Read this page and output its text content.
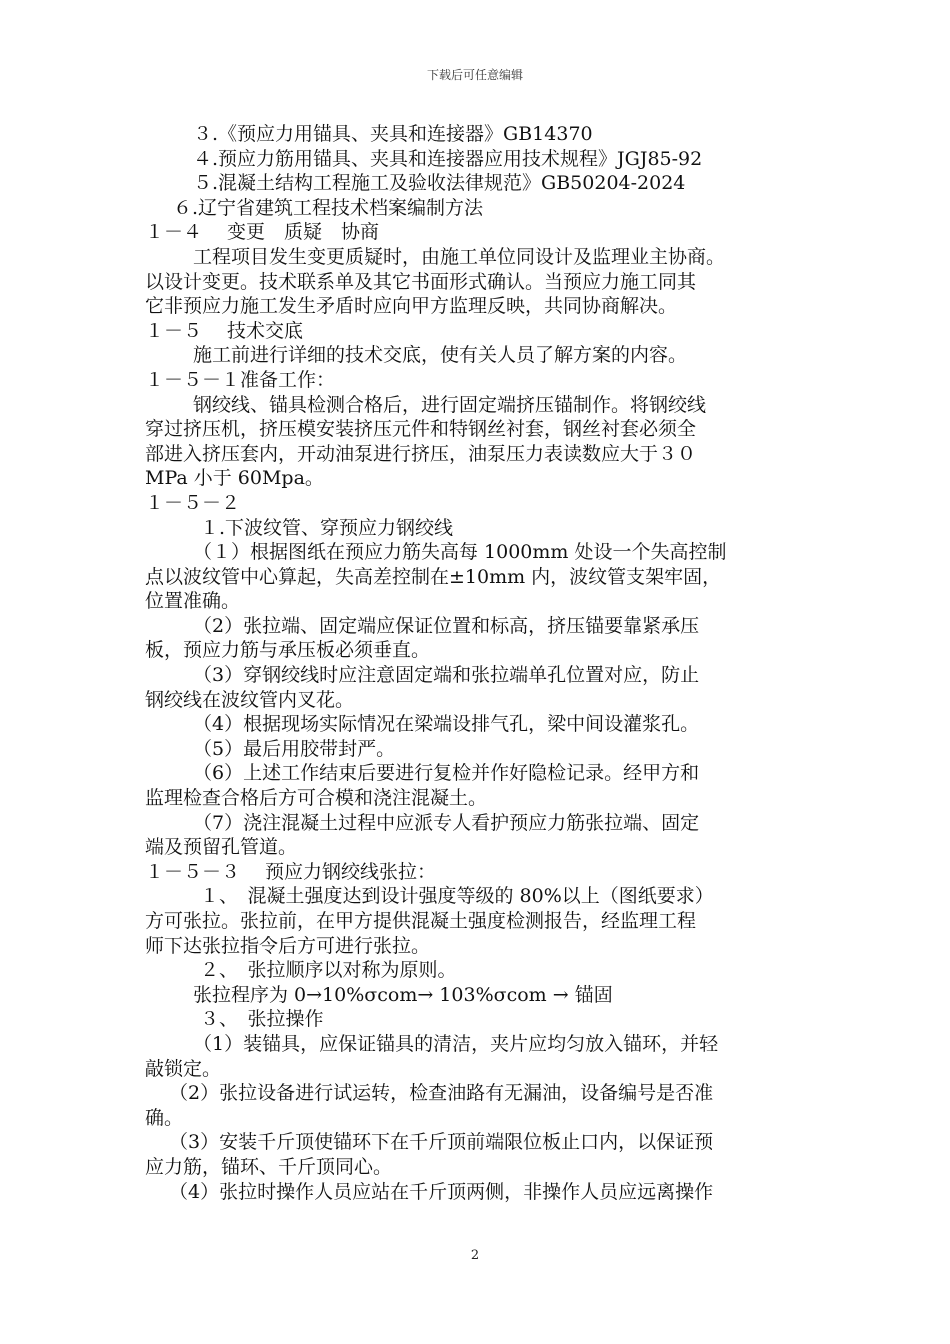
下载后可任意编辑
３.《预应力用锚具、夹具和连接器》GB14370
４.预应力筋用锚具、夹具和连接器应用技术规程》JGJ85-92
５.混凝土结构工程施工及验收法律规范》GB50204-2024
６.辽宁省建筑工程技术档案编制方法
１－４　 变更　质疑　协商
工程项目发生变更质疑时，由施工单位同设计及监理业主协商。
以设计变更。技术联系单及其它书面形式确认。当预应力施工同其
它非预应力施工发生矛盾时应向甲方监理反映，共同协商解决。
１－５　 技术交底
施工前进行详细的技术交底，使有关人员了解方案的内容。
１－５－１准备工作：
钢绞线、锚具检测合格后，进行固定端挤压锚制作。将钢绞线
穿过挤压机，挤压模安装挤压元件和特钢丝衬套，钢丝衬套必须全
部进入挤压套内，开动油泵进行挤压，油泵压力表读数应大于３０
MPa 小于 60Mpa。
１－５－２
１.下波纹管、穿预应力钢绞线
（１）根据图纸在预应力筋失高每 1000mm 处设一个失高控制
点以波纹管中心算起，失高差控制在±10mm 内，波纹管支架牢固，
位置准确。
（2）张拉端、固定端应保证位置和标高，挤压锚要靠紧承压
板，预应力筋与承压板必须垂直。
（3）穿钢绞线时应注意固定端和张拉端单孔位置对应，防止
钢绞线在波纹管内叉花。
（4）根据现场实际情况在梁端设排气孔，梁中间设灌浆孔。
（5）最后用胶带封严。
（6）上述工作结束后要进行复检并作好隐检记录。经甲方和
监理检查合格后方可合模和浇注混凝土。
（7）浇注混凝土过程中应派专人看护预应力筋张拉端、固定
端及预留孔管道。
１－５－３　 预应力钢绞线张拉：
１、　混凝土强度达到设计强度等级的 80%以上（图纸要求）
方可张拉。张拉前，在甲方提供混凝土强度检测报告，经监理工程
师下达张拉指令后方可进行张拉。
２、　张拉顺序以对称为原则。
张拉程序为 0→10%σcom→ 103%σcom → 锚固
３、　张拉操作
（1）装锚具，应保证锚具的清洁，夹片应均匀放入锚环，并轻
敲锁定。
（2）张拉设备进行试运转，检查油路有无漏油，设备编号是否准
确。
（3）安装千斤顶使锚环下在千斤顶前端限位板止口内，以保证预
应力筋，锚环、千斤顶同心。
（4）张拉时操作人员应站在千斤顶两侧，非操作人员应远离操作
2
